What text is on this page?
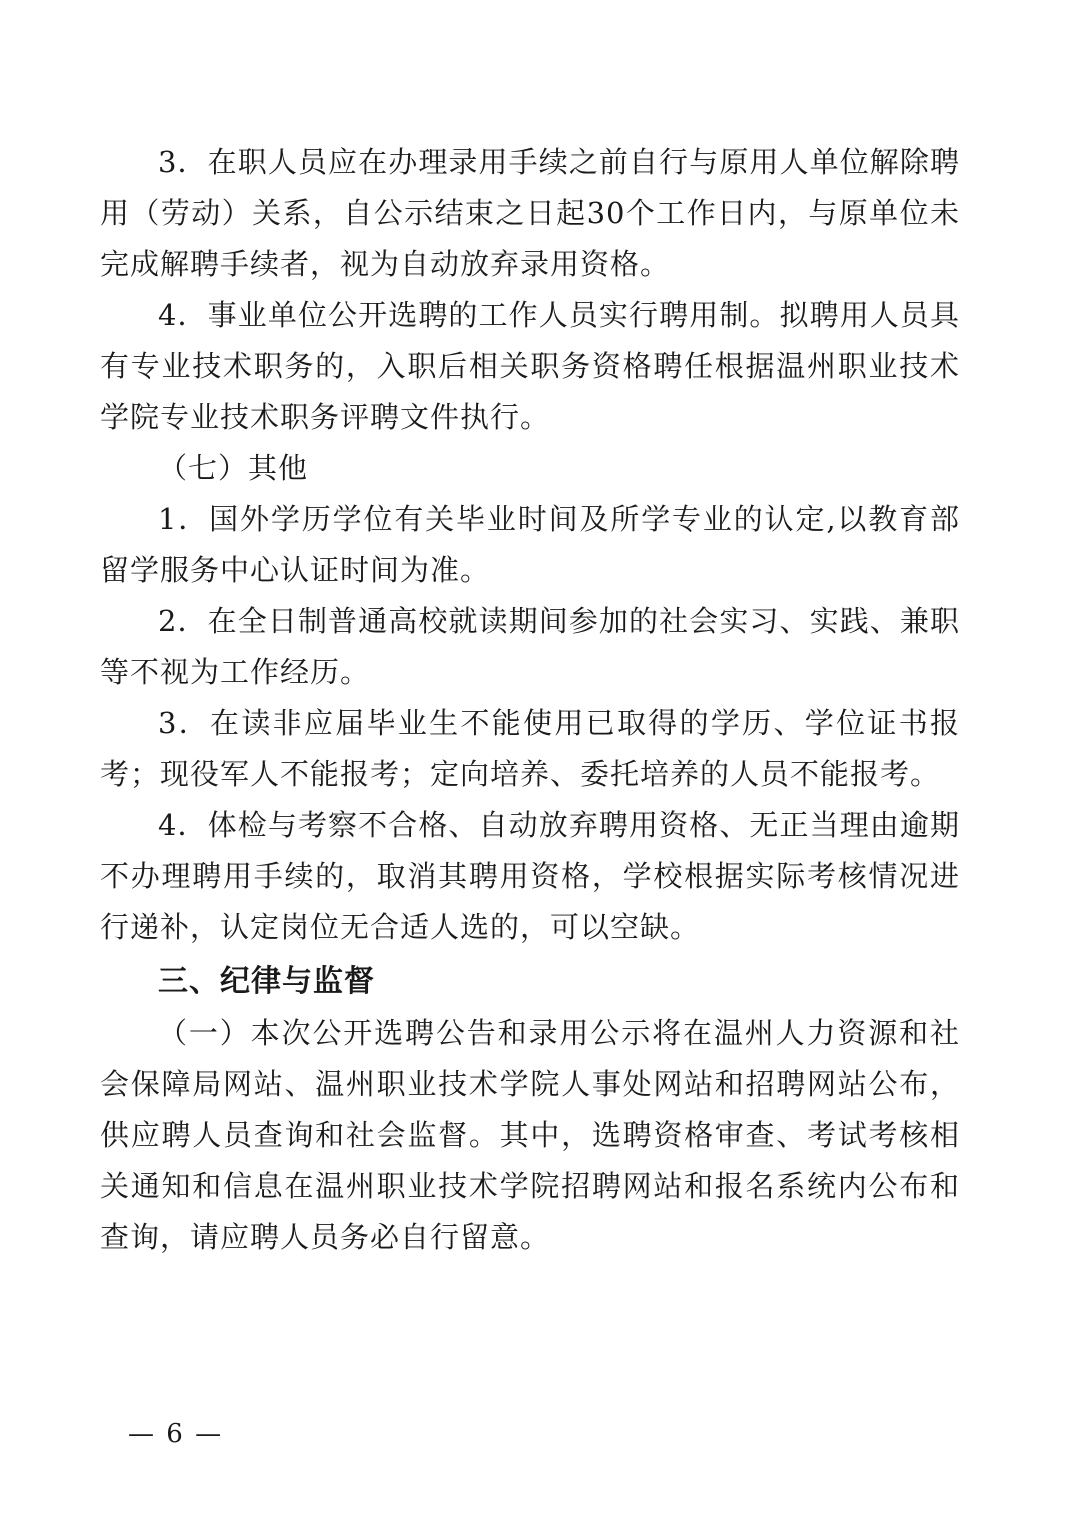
3．在职人员应在办理录用手续之前自行与原用人单位解除聘用（劳动）关系，自公示结束之日起30个工作日内，与原单位未完成解聘手续者，视为自动放弃录用资格。

4．事业单位公开选聘的工作人员实行聘用制。拟聘用人员具有专业技术职务的，入职后相关职务资格聘任根据温州职业技术学院专业技术职务评聘文件执行。

（七）其他

1．国外学历学位有关毕业时间及所学专业的认定,以教育部留学服务中心认证时间为准。

2．在全日制普通高校就读期间参加的社会实习、实践、兼职等不视为工作经历。

3．在读非应届毕业生不能使用已取得的学历、学位证书报考；现役军人不能报考；定向培养、委托培养的人员不能报考。

4．体检与考察不合格、自动放弃聘用资格、无正当理由逾期不办理聘用手续的，取消其聘用资格，学校根据实际考核情况进行递补，认定岗位无合适人选的，可以空缺。

三、纪律与监督

（一）本次公开选聘公告和录用公示将在温州人力资源和社会保障局网站、温州职业技术学院人事处网站和招聘网站公布，供应聘人员查询和社会监督。其中，选聘资格审查、考试考核相关通知和信息在温州职业技术学院招聘网站和报名系统内公布和查询，请应聘人员务必自行留意。

— 6 —
